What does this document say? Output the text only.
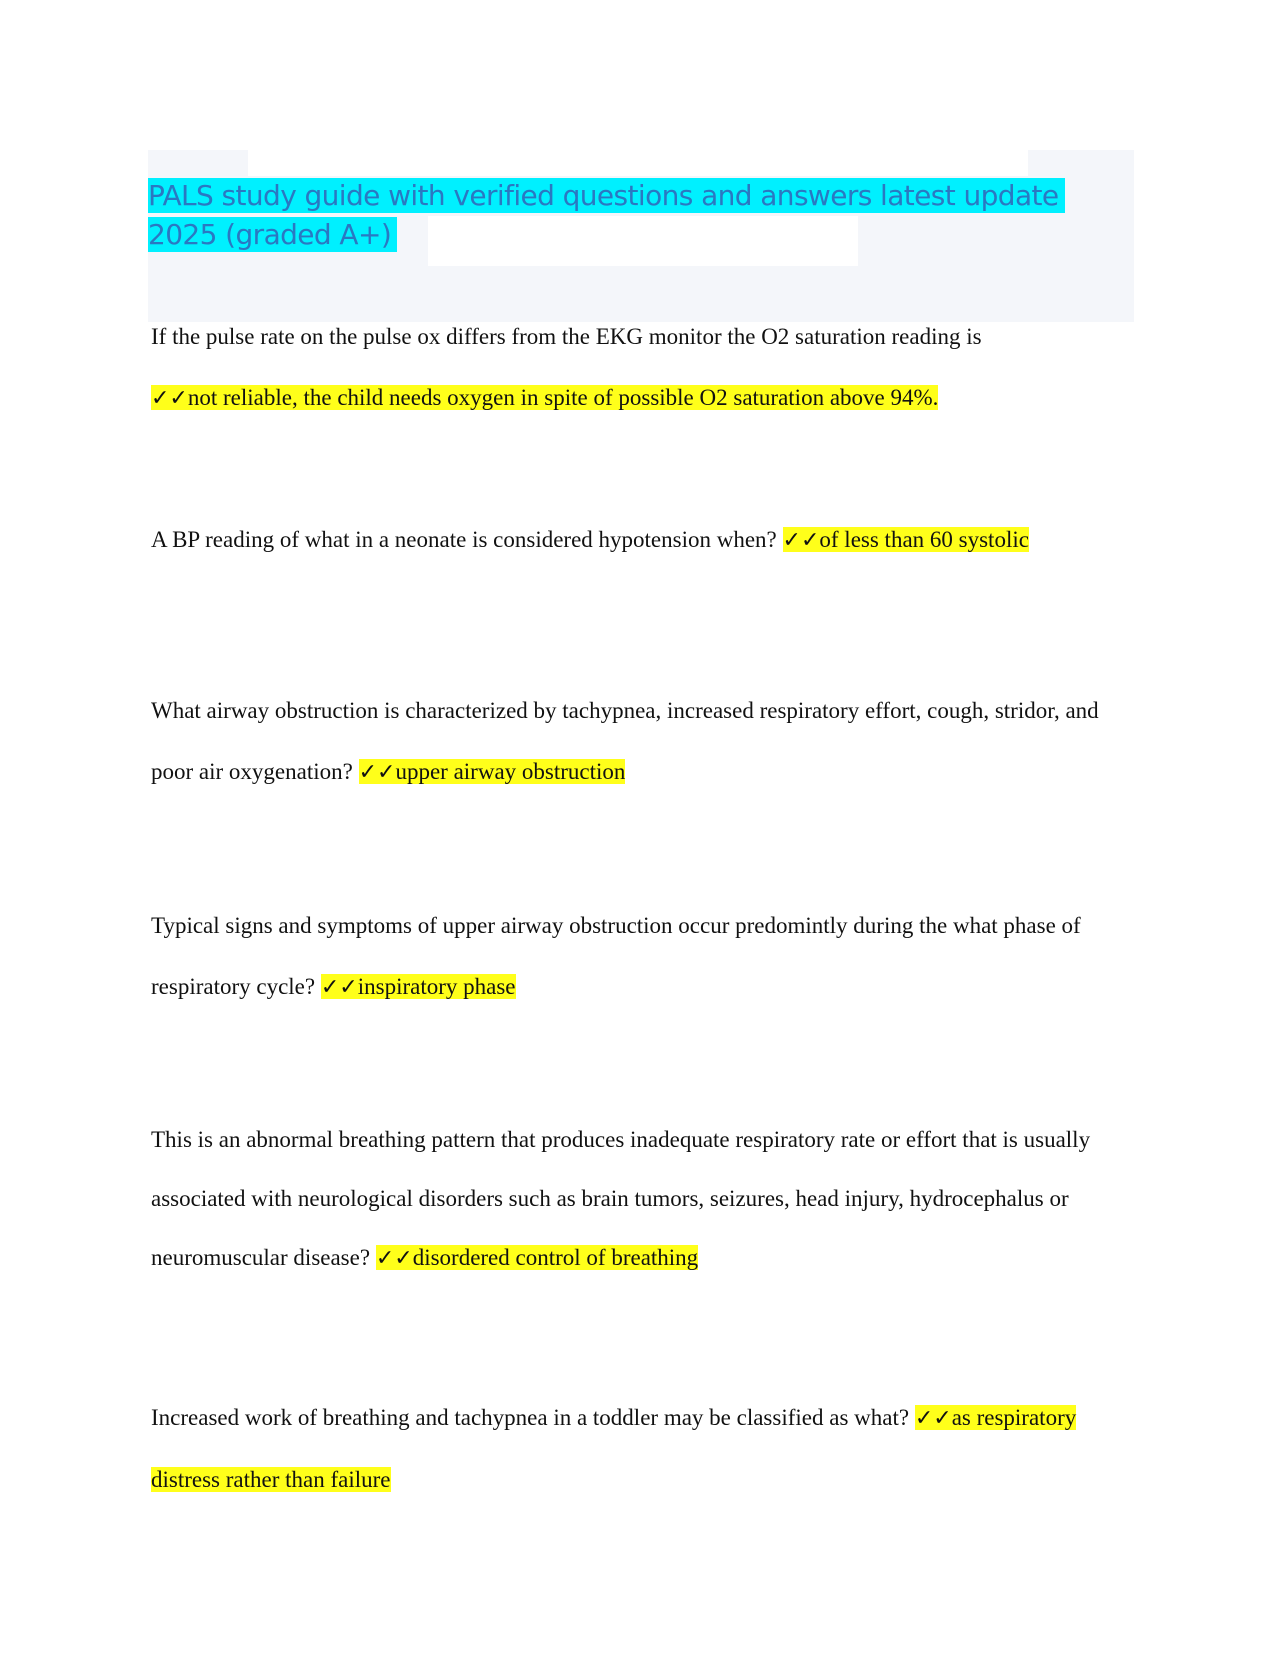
PALS study guide with verified questions and answers latest update 2025 (graded A+)

If the pulse rate on the pulse ox differs from the EKG monitor the O2 saturation reading is
✓✓not reliable, the child needs oxygen in spite of possible O2 saturation above 94%.

A BP reading of what in a neonate is considered hypotension when? ✓✓of less than 60 systolic

What airway obstruction is characterized by tachypnea, increased respiratory effort, cough, stridor, and poor air oxygenation? ✓✓upper airway obstruction

Typical signs and symptoms of upper airway obstruction occur predomintly during the what phase of respiratory cycle? ✓✓inspiratory phase

This is an abnormal breathing pattern that produces inadequate respiratory rate or effort that is usually associated with neurological disorders such as brain tumors, seizures, head injury, hydrocephalus or neuromuscular disease? ✓✓disordered control of breathing

Increased work of breathing and tachypnea in a toddler may be classified as what? ✓✓as respiratory distress rather than failure
